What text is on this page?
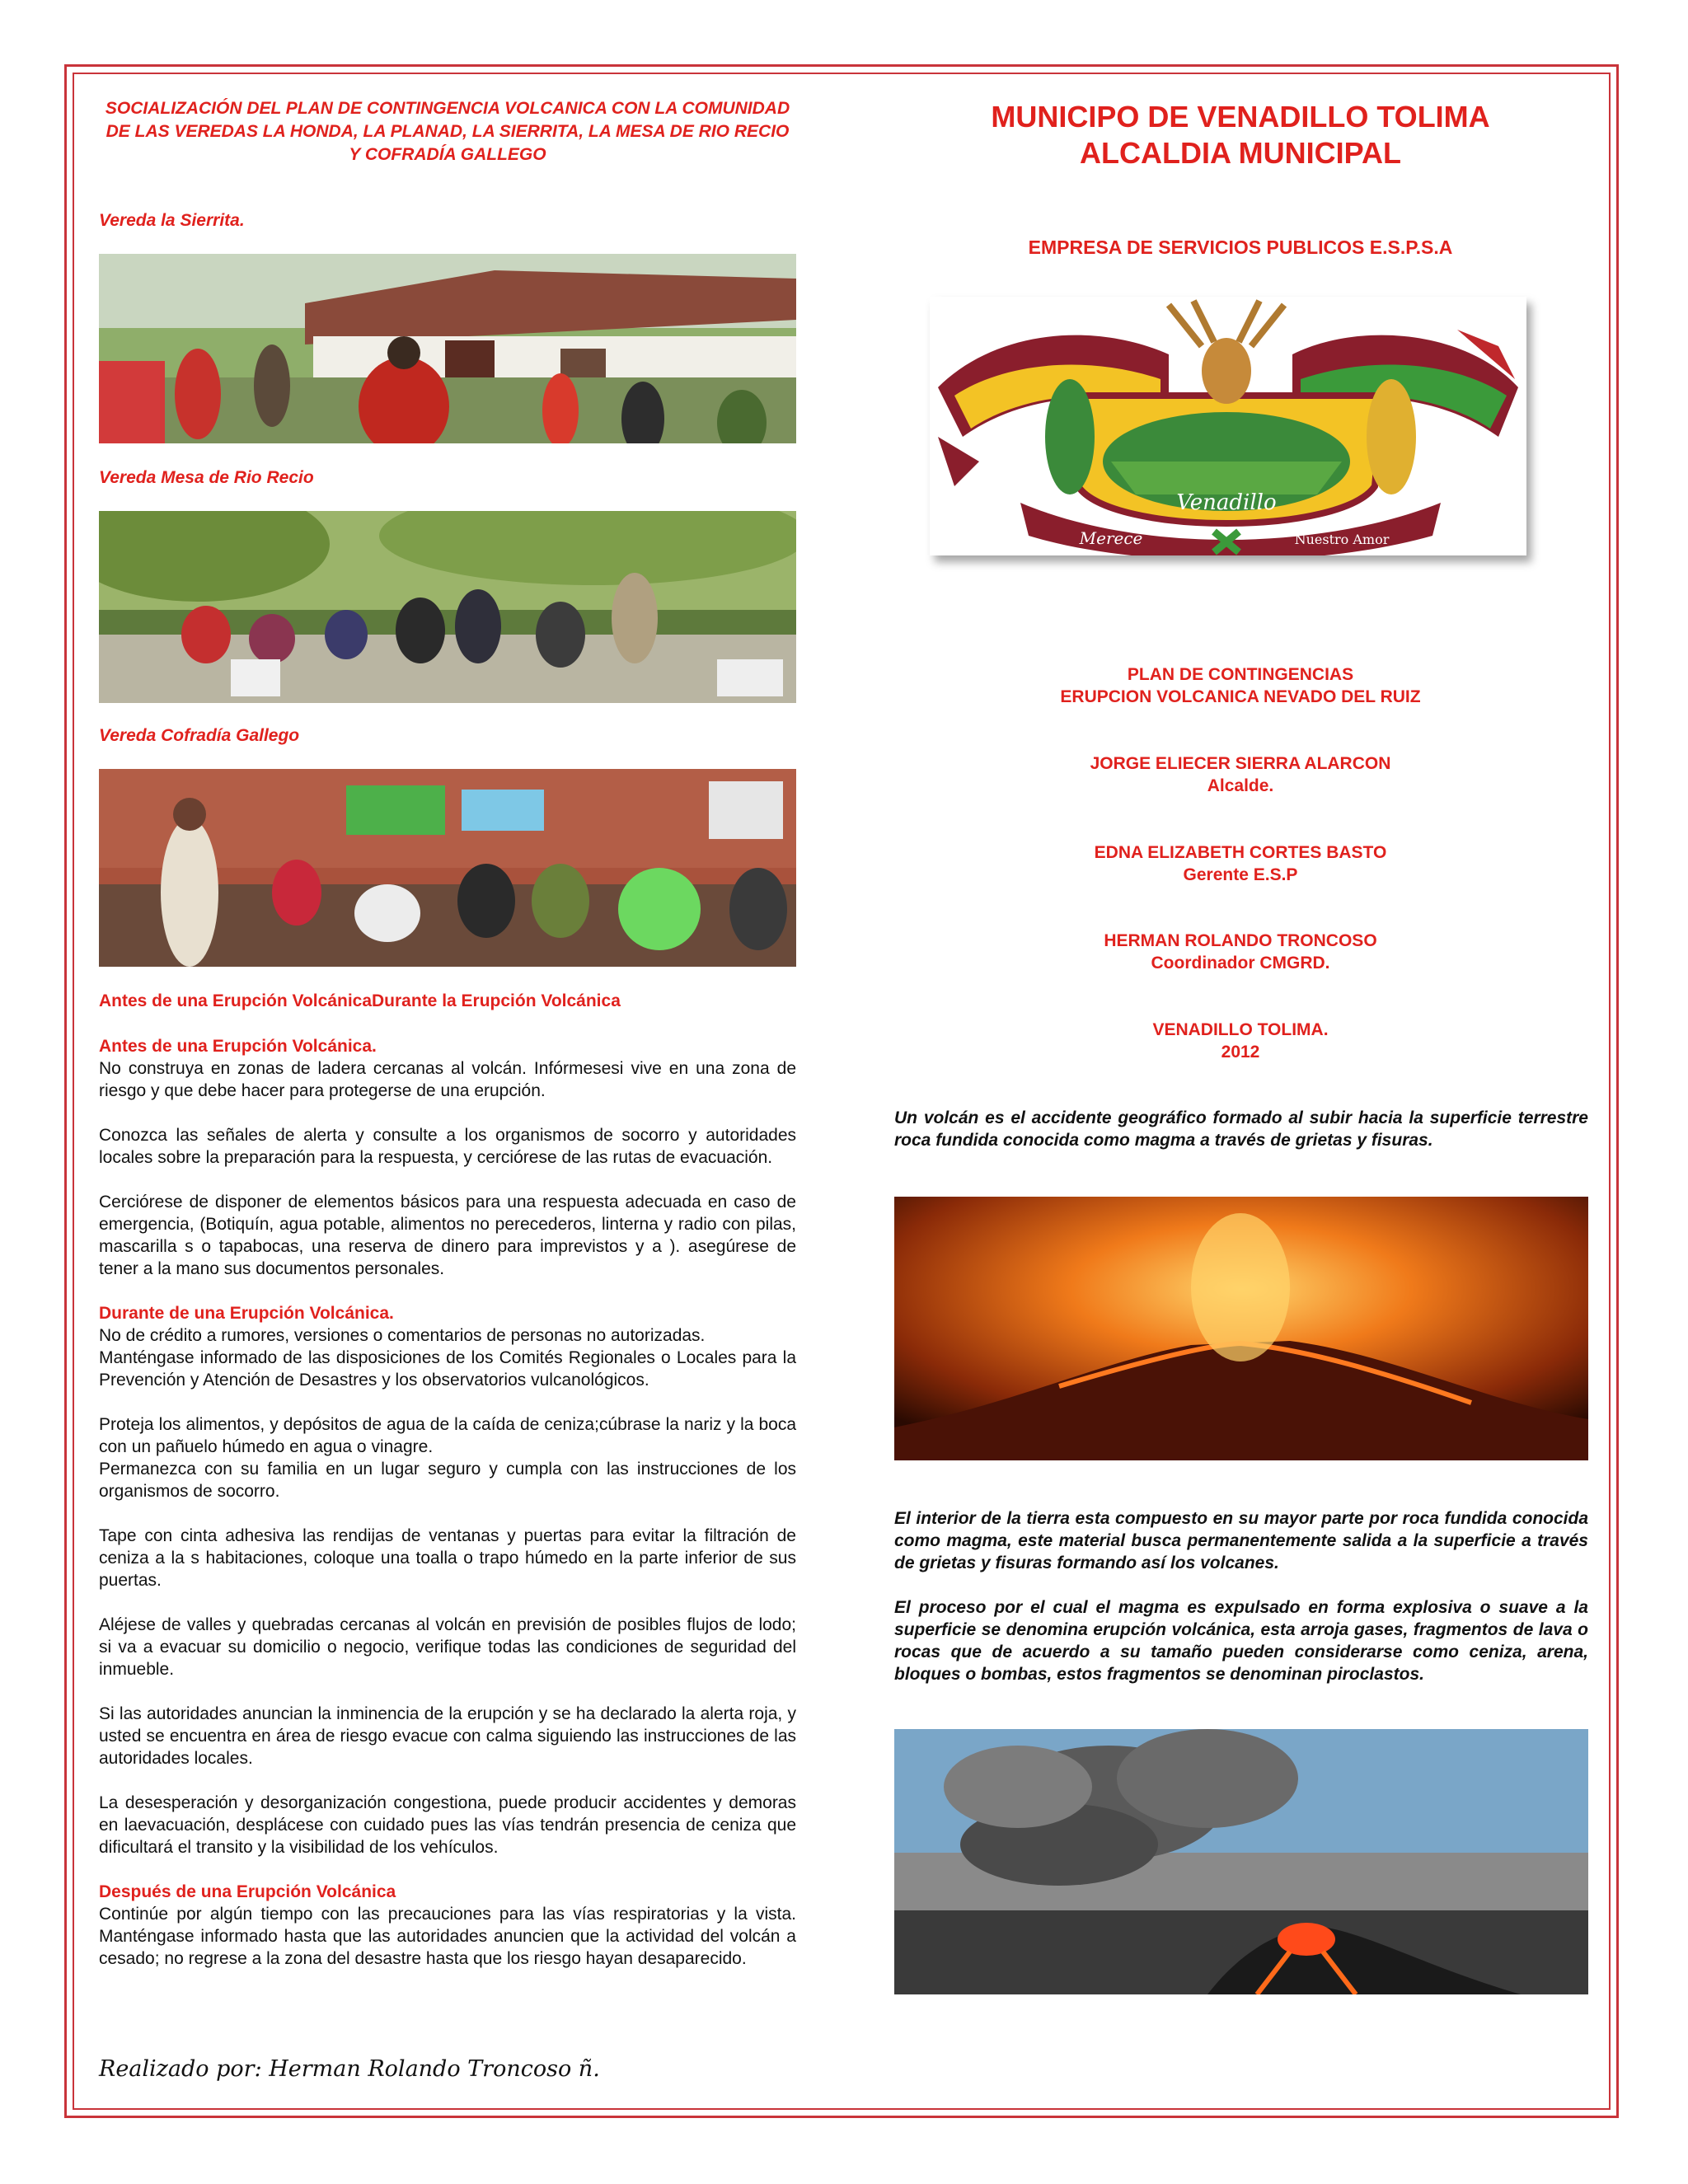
SOCIALIZACIÓN DEL PLAN DE CONTINGENCIA VOLCANICA CON LA COMUNIDAD DE LAS VEREDAS LA HONDA, LA PLANAD, LA SIERRITA, LA MESA DE RIO RECIO Y COFRADÍA GALLEGO
Vereda la Sierrita.
Vereda Mesa de Rio Recio
Vereda Cofradía Gallego
Antes de una Erupción VolcánicaDurante la Erupción Volcánica

Antes de una Erupción Volcánica.

No construya en zonas de ladera cercanas al volcán. Infórmesesi vive en una zona de riesgo y que debe hacer para protegerse de una erupción.

Conozca las señales de alerta y consulte a los organismos de socorro y autoridades locales sobre la preparación para la respuesta, y cerciórese de las rutas de evacuación.

Cerciórese de disponer de elementos básicos para una respuesta adecuada en caso de emergencia, (Botiquín, agua potable, alimentos no perecederos, linterna y radio con pilas, mascarilla s o tapabocas, una reserva de dinero para imprevistos y a ). asegúrese de tener a la mano sus documentos personales.

Durante de una Erupción Volcánica.

No de crédito a rumores, versiones o comentarios de personas no autorizadas.

Manténgase informado de las disposiciones de los Comités Regionales o Locales para la Prevención y Atención de Desastres y los observatorios vulcanológicos.

Proteja los alimentos, y depósitos de agua de la caída de ceniza;cúbrase la nariz y la boca con un pañuelo húmedo en agua o vinagre.

Permanezca con su familia en un lugar seguro y cumpla con las instrucciones de los organismos de socorro.

Tape con cinta adhesiva las rendijas de ventanas y puertas para evitar la filtración de ceniza a la s habitaciones, coloque una toalla o trapo húmedo en la parte inferior de sus puertas.

Aléjese de valles y quebradas cercanas al volcán en previsión de posibles flujos de lodo; si va a evacuar su domicilio o negocio, verifique todas las condiciones de seguridad del inmueble.

Si las autoridades anuncian la inminencia de la erupción y se ha declarado la alerta roja, y usted se encuentra en área de riesgo evacue con calma siguiendo las instrucciones de las autoridades locales.

La desesperación y desorganización congestiona, puede producir accidentes y demoras en laevacuación, desplácese con cuidado pues las vías tendrán presencia de ceniza que dificultará el transito y la visibilidad de los vehículos.

Después de una Erupción Volcánica

Continúe por algún tiempo con las precauciones para las vías respiratorias y la vista. Manténgase informado hasta que las autoridades anuncien que la actividad del volcán a cesado; no regrese a la zona del desastre hasta que los riesgo hayan desaparecido.

Realizado por: Herman Rolando Troncoso ñ.
MUNICIPO DE VENADILLO TOLIMA
ALCALDIA MUNICIPAL
EMPRESA DE SERVICIOS PUBLICOS E.S.P.S.A
Venadillo
Merece	Nuestro Amor
PLAN DE CONTINGENCIAS
ERUPCION VOLCANICA NEVADO DEL RUIZ
JORGE ELIECER SIERRA ALARCON
Alcalde.
EDNA ELIZABETH CORTES BASTO
Gerente E.S.P
HERMAN ROLANDO TRONCOSO
Coordinador CMGRD.
VENADILLO TOLIMA.
2012

Un volcán es el accidente geográfico formado al subir hacia la superficie terrestre roca fundida conocida como magma a través de grietas y fisuras.

El interior de la tierra esta compuesto en su mayor parte por roca fundida conocida como magma, este material busca permanentemente salida a la superficie a través de grietas y fisuras formando así los volcanes.

El proceso por el cual el magma es expulsado en forma explosiva o suave a la superficie se denomina erupción volcánica, esta arroja gases, fragmentos de lava o rocas que de acuerdo a su tamaño pueden considerarse como ceniza, arena, bloques o bombas, estos fragmentos se denominan piroclastos.
